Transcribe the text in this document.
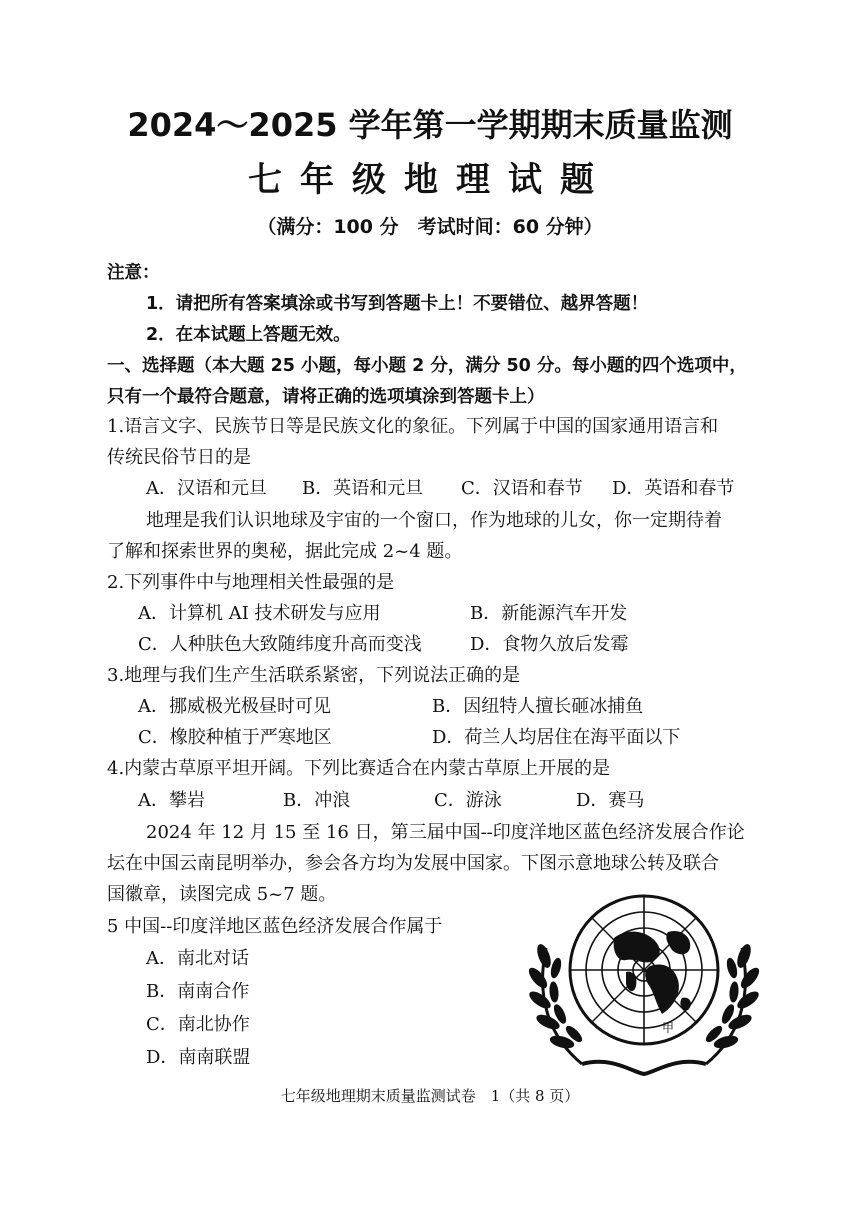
2024～2025 学年第一学期期末质量监测
七年级地理试题
（满分：100 分　考试时间：60 分钟）
注意：
1．请把所有答案填涂或书写到答题卡上！不要错位、越界答题！
2．在本试题上答题无效。
一、选择题（本大题 25 小题，每小题 2 分，满分 50 分。每小题的四个选项中，
只有一个最符合题意，请将正确的选项填涂到答题卡上）
1.语言文字、民族节日等是民族文化的象征。下列属于中国的国家通用语言和
传统民俗节日的是
A．汉语和元旦 B．英语和元旦 C．汉语和春节 D．英语和春节
地理是我们认识地球及宇宙的一个窗口，作为地球的儿女，你一定期待着
了解和探索世界的奥秘，据此完成 2~4 题。
2.下列事件中与地理相关性最强的是
A．计算机 AI 技术研发与应用	B．新能源汽车开发
C．人种肤色大致随纬度升高而变浅	D．食物久放后发霉
3.地理与我们生产生活联系紧密，下列说法正确的是
A．挪威极光极昼时可见	B．因纽特人擅长砸冰捕鱼
C．橡胶种植于严寒地区	D．荷兰人均居住在海平面以下
4.内蒙古草原平坦开阔。下列比赛适合在内蒙古草原上开展的是
A．攀岩	B．冲浪	C．游泳	D．赛马
2024 年 12 月 15 至 16 日，第三届中国--印度洋地区蓝色经济发展合作论
坛在中国云南昆明举办，参会各方均为发展中国家。下图示意地球公转及联合
国徽章，读图完成 5~7 题。
5 中国--印度洋地区蓝色经济发展合作属于
A．南北对话
B．南南合作
C．南北协作
D．南南联盟
甲
七年级地理期末质量监测试卷　1（共 8 页）
